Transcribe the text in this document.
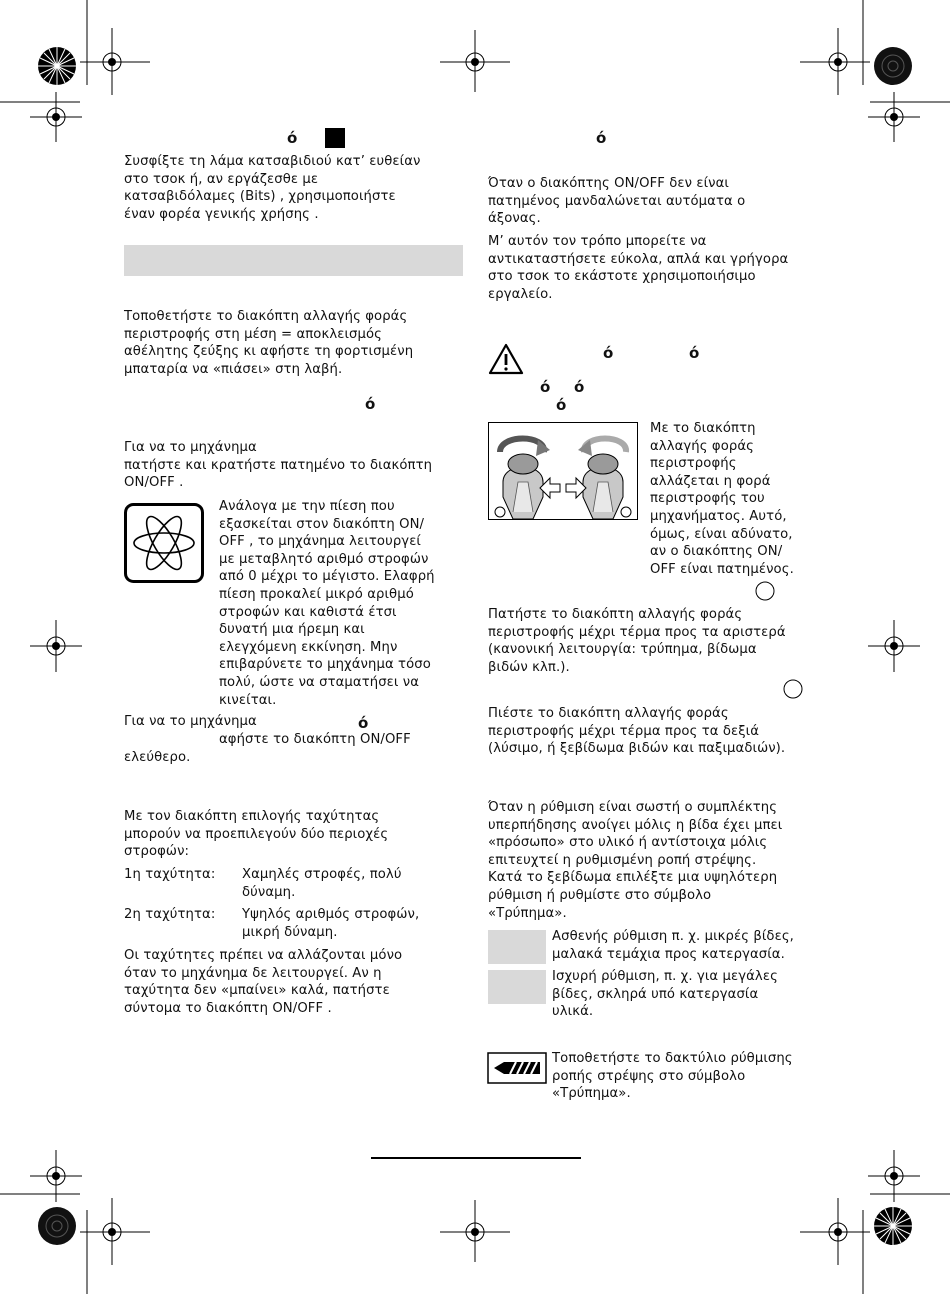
ό
Συσφίξτε τη λάμα κατσαβιδιού κατ’ ευθείαν
στο τσοκ ή, αν εργάζεσθε με
κατσαβιδόλαμες (Bits) , χρησιμοποιήστε
έναν φορέα γενικής χρήσης .
Τοποθετήστε το διακόπτη αλλαγής φοράς
περιστροφής στη μέση = αποκλεισμός
αθέλητης ζεύξης κι αφήστε τη φορτισμένη
μπαταρία να «πιάσει» στη λαβή.
ό
Για να το μηχάνημα
πατήστε και κρατήστε πατημένο το διακόπτη
ON/OFF .
Ανάλογα με την πίεση που
εξασκείται στον διακόπτη ON/
OFF , το μηχάνημα λειτουργεί
με μεταβλητό αριθμό στροφών
από 0 μέχρι το μέγιστο. Ελαφρή
πίεση προκαλεί μικρό αριθμό
στροφών και καθιστά έτσι
δυνατή μια ήρεμη και
ελεγχόμενη εκκίνηση. Μην
επιβαρύνετε το μηχάνημα τόσο
πολύ, ώστε να σταματήσει να
κινείται.
Για να το μηχάνημα	ό
αφήστε το διακόπτη ON/OFF
ελεύθερο.
Με τον διακόπτη επιλογής ταχύτητας
μπορούν να προεπιλεγούν δύο περιοχές
στροφών:
1η ταχύτητα: Χαμηλές στροφές, πολύ
δύναμη.
2η ταχύτητα: Υψηλός αριθμός στροφών,
μικρή δύναμη.
Οι ταχύτητες πρέπει να αλλάζονται μόνο
όταν το μηχάνημα δε λειτουργεί. Αν η
ταχύτητα δεν «μπαίνει» καλά, πατήστε
σύντομα το διακόπτη ON/OFF .
ό
Όταν ο διακόπτης ON/OFF δεν είναι
πατημένος μανδαλώνεται αυτόματα ο
άξονας.
Μ’ αυτόν τον τρόπο μπορείτε να
αντικαταστήσετε εύκολα, απλά και γρήγορα
στο τσοκ το εκάστοτε χρησιμοποιήσιμο
εργαλείο.
ό	ό
ό ό
ό
Με το διακόπτη
αλλαγής φοράς
περιστροφής
αλλάζεται η φορά
περιστροφής του
μηχανήματος. Αυτό,
όμως, είναι αδύνατο,
αν ο διακόπτης ON/
OFF είναι πατημένος.
Πατήστε το διακόπτη αλλαγής φοράς
περιστροφής μέχρι τέρμα προς τα αριστερά
(κανονική λειτουργία: τρύπημα, βίδωμα
βιδών κλπ.).
Πιέστε το διακόπτη αλλαγής φοράς
περιστροφής μέχρι τέρμα προς τα δεξιά
(λύσιμο, ή ξεβίδωμα βιδών και παξιμαδιών).
Όταν η ρύθμιση είναι σωστή ο συμπλέκτης
υπερπήδησης ανοίγει μόλις η βίδα έχει μπει
«πρόσωπο» στο υλικό ή αντίστοιχα μόλις
επιτευχτεί η ρυθμισμένη ροπή στρέψης.
Κατά το ξεβίδωμα επιλέξτε μια υψηλότερη
ρύθμιση ή ρυθμίστε στο σύμβολο
«Τρύπημα».
Ασθενής ρύθμιση π. χ. μικρές βίδες,
μαλακά τεμάχια προς κατεργασία.
Ισχυρή ρύθμιση, π. χ. για μεγάλες
βίδες, σκληρά υπό κατεργασία
υλικά.
Τοποθετήστε το δακτύλιο ρύθμισης
ροπής στρέψης στο σύμβολο
«Τρύπημα».
